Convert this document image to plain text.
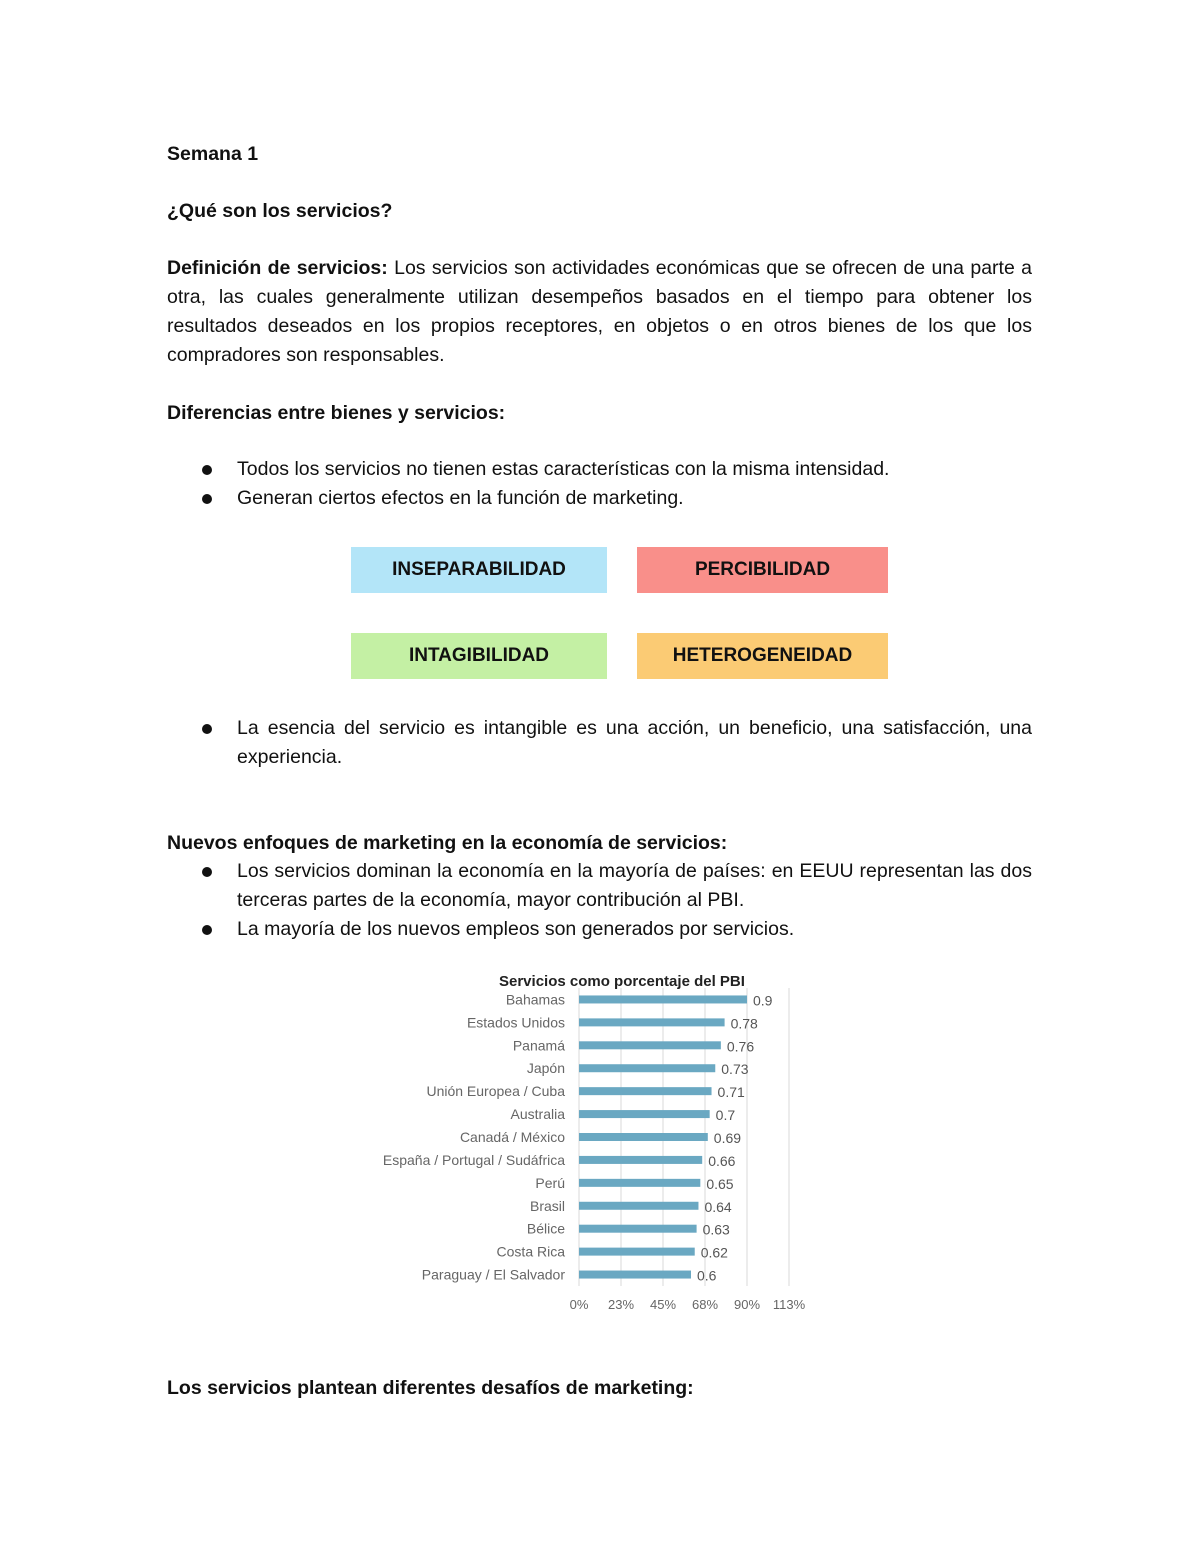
Semana 1
¿Qué son los servicios?
Definición de servicios: Los servicios son actividades económicas que se ofrecen de una parte a otra, las cuales generalmente utilizan desempeños basados en el tiempo para obtener los resultados deseados en los propios receptores, en objetos o en otros bienes de los que los compradores son responsables.
Diferencias entre bienes y servicios:
Todos los servicios no tienen estas características con la misma intensidad.
Generan ciertos efectos en la función de marketing.
INSEPARABILIDAD	PERCIBILIDAD
INTAGIBILIDAD	HETEROGENEIDAD
La esencia del servicio es intangible es una acción, un beneficio, una satisfacción, una experiencia.
Nuevos enfoques de marketing en la economía de servicios:
Los servicios dominan la economía en la mayoría de países: en EEUU representan las dos terceras partes de la economía, mayor contribución al PBI.
La mayoría de los nuevos empleos son generados por servicios.
Servicios como porcentaje del PBI
Bahamas	0.9
Estados Unidos	0.78
Panamá	0.76
Japón	0.73
Unión Europea / Cuba	0.71
Australia	0.7
Canadá / México	0.69
España / Portugal / Sudáfrica	0.66
Perú	0.65
Brasil	0.64
Bélice	0.63
Costa Rica	0.62
Paraguay / El Salvador	0.6
0% 23% 45% 68% 90% 113%
Los servicios plantean diferentes desafíos de marketing:
